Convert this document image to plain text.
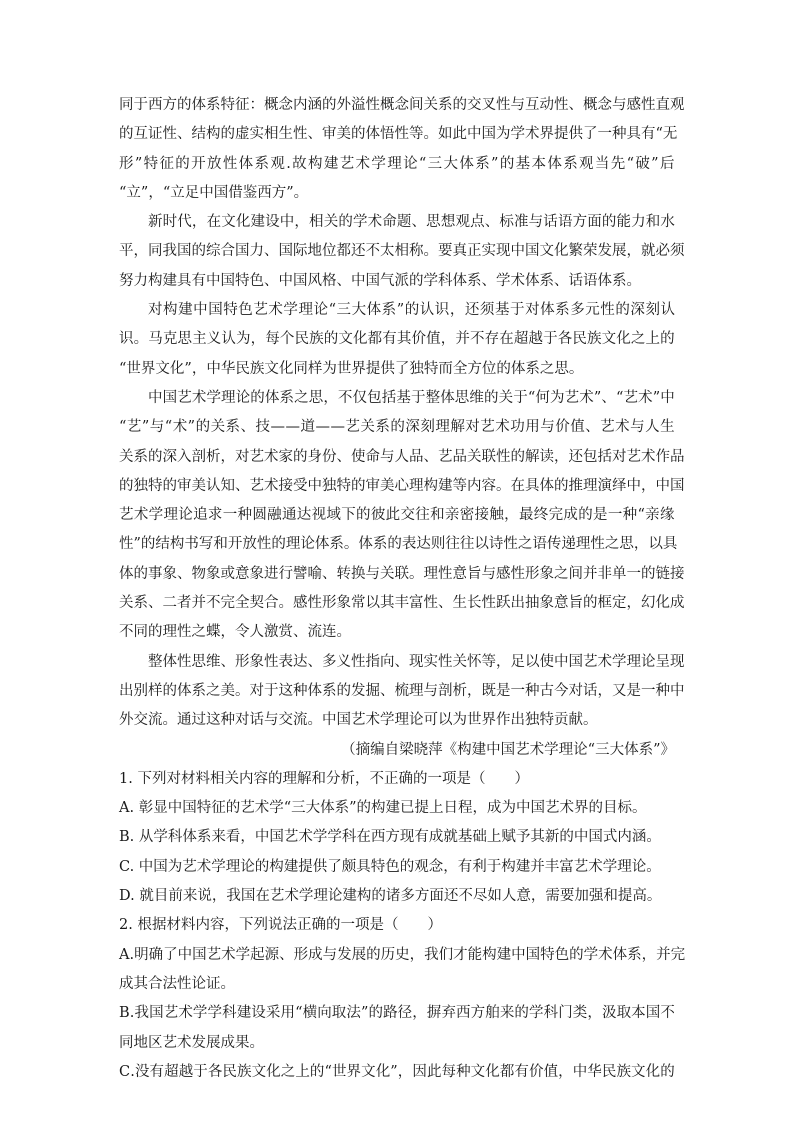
同 于 西 方 的 体 系 特 征 ： 概 念 内 涵 的 外 溢 性 概 念 间 关 系 的 交 叉 性 与 互 动 性 、 概 念 与 感 性 直 观
的 互 证 性 、 结 构 的 虚 实 相 生 性 、 审 美 的 体 悟 性 等 。 如 此 中 国 为 学 术 界 提 供 了 一 种 具 有 “ 无
形 ” 特 征 的 开 放 性 体 系 观 . 故 构 建 艺 术 学 理 论 “ 三 大 体 系 ” 的 基 本 体 系 观 当 先 “ 破 ” 后
“立”，“立足中国借鉴西方”。
新 时 代 ， 在 文 化 建 设 中 ， 相 关 的 学 术 命 题 、 思 想 观 点 、 标 准 与 话 语 方 面 的 能 力 和 水
平 ， 同 我 国 的 综 合 国 力 、 国 际 地 位 都 还 不 太 相 称 。 要 真 正 实 现 中 国 文 化 繁 荣 发 展 ， 就 必 须
努力构建具有中国特色、中国风格、中国气派的学科体系、学术体系、话语体系。
对 构 建 中 国 特 色 艺 术 学 理 论 “ 三 大 体 系 ” 的 认 识 ， 还 须 基 于 对 体 系 多 元 性 的 深 刻 认
识 。 马 克 思 主 义 认 为 ， 每 个 民 族 的 文 化 都 有 其 价 值 ， 并 不 存 在 超 越 于 各 民 族 文 化 之 上 的
“世界文化”，中华民族文化同样为世界提供了独特而全方位的体系之思。
中 国 艺 术 学 理 论 的 体 系 之 思 ， 不 仅 包 括 基 于 整 体 思 维 的 关 于 “ 何 为 艺 术 ” 、 “ 艺 术 ” 中
“ 艺 ” 与 “ 术 ” 的 关 系 、 技 — — 道 — — 艺 关 系 的 深 刻 理 解 对 艺 术 功 用 与 价 值 、 艺 术 与 人 生
关 系 的 深 入 剖 析 ， 对 艺 术 家 的 身 份 、 使 命 与 人 品 、 艺 品 关 联 性 的 解 读 ， 还 包 括 对 艺 术 作 品
的 独 特 的 审 美 认 知 、 艺 术 接 受 中 独 特 的 审 美 心 理 构 建 等 内 容 。 在 具 体 的 推 理 演 绎 中 ， 中 国
艺 术 学 理 论 追 求 一 种 圆 融 通 达 视 域 下 的 彼 此 交 往 和 亲 密 接 触 ， 最 终 完 成 的 是 一 种 “ 亲 缘
性 ” 的 结 构 书 写 和 开 放 性 的 理 论 体 系 。 体 系 的 表 达 则 往 往 以 诗 性 之 语 传 递 理 性 之 思 ， 以 具
体 的 事 象 、 物 象 或 意 象 进 行 譬 喻 、 转 换 与 关 联 。 理 性 意 旨 与 感 性 形 象 之 间 并 非 单 一 的 链 接
关 系 、 二 者 并 不 完 全 契 合 。 感 性 形 象 常 以 其 丰 富 性 、 生 长 性 跃 出 抽 象 意 旨 的 框 定 ， 幻 化 成
不同的理性之蝶，令人激赏、流连。
整 体 性 思 维 、 形 象 性 表 达 、 多 义 性 指 向 、 现 实 性 关 怀 等 ， 足 以 使 中 国 艺 术 学 理 论 呈 现
出 别 样 的 体 系 之 美 。 对 于 这 种 体 系 的 发 掘 、 梳 理 与 剖 析 ， 既 是 一 种 古 今 对 话 ， 又 是 一 种 中
外交流。通过这种对话与交流。中国艺术学理论可以为世界作出独特贡献。
（摘编自梁晓萍《构建中国艺术学理论“三大体系”》
1. 下列对材料相关内容的理解和分析，不正确的一项是（　　）
A. 彰显中国特征的艺术学“三大体系”的构建已提上日程，成为中国艺术界的目标。
B. 从学科体系来看，中国艺术学学科在西方现有成就基础上赋予其新的中国式内涵。
C. 中国为艺术学理论的构建提供了颇具特色的观念，有利于构建并丰富艺术学理论。
D. 就目前来说，我国在艺术学理论建构的诸多方面还不尽如人意，需要加强和提高。
2. 根据材料内容，下列说法正确的一项是（　　）
A . 明 确 了 中 国 艺 术 学 起 源 、 形 成 与 发 展 的 历 史 ， 我 们 才 能 构 建 中 国 特 色 的 学 术 体 系 ， 并 完
成其合法性论证。
B . 我 国 艺 术 学 学 科 建 设 采 用 “ 横 向 取 法 ” 的 路 径 ， 摒 弃 西 方 舶 来 的 学 科 门 类 ， 汲 取 本 国 不
同地区艺术发展成果。
C . 没 有 超 越 于 各 民 族 文 化 之 上 的 “ 世 界 文 化 ” ， 因 此 每 种 文 化 都 有 价 值 ， 中 华 民 族 文 化 的
